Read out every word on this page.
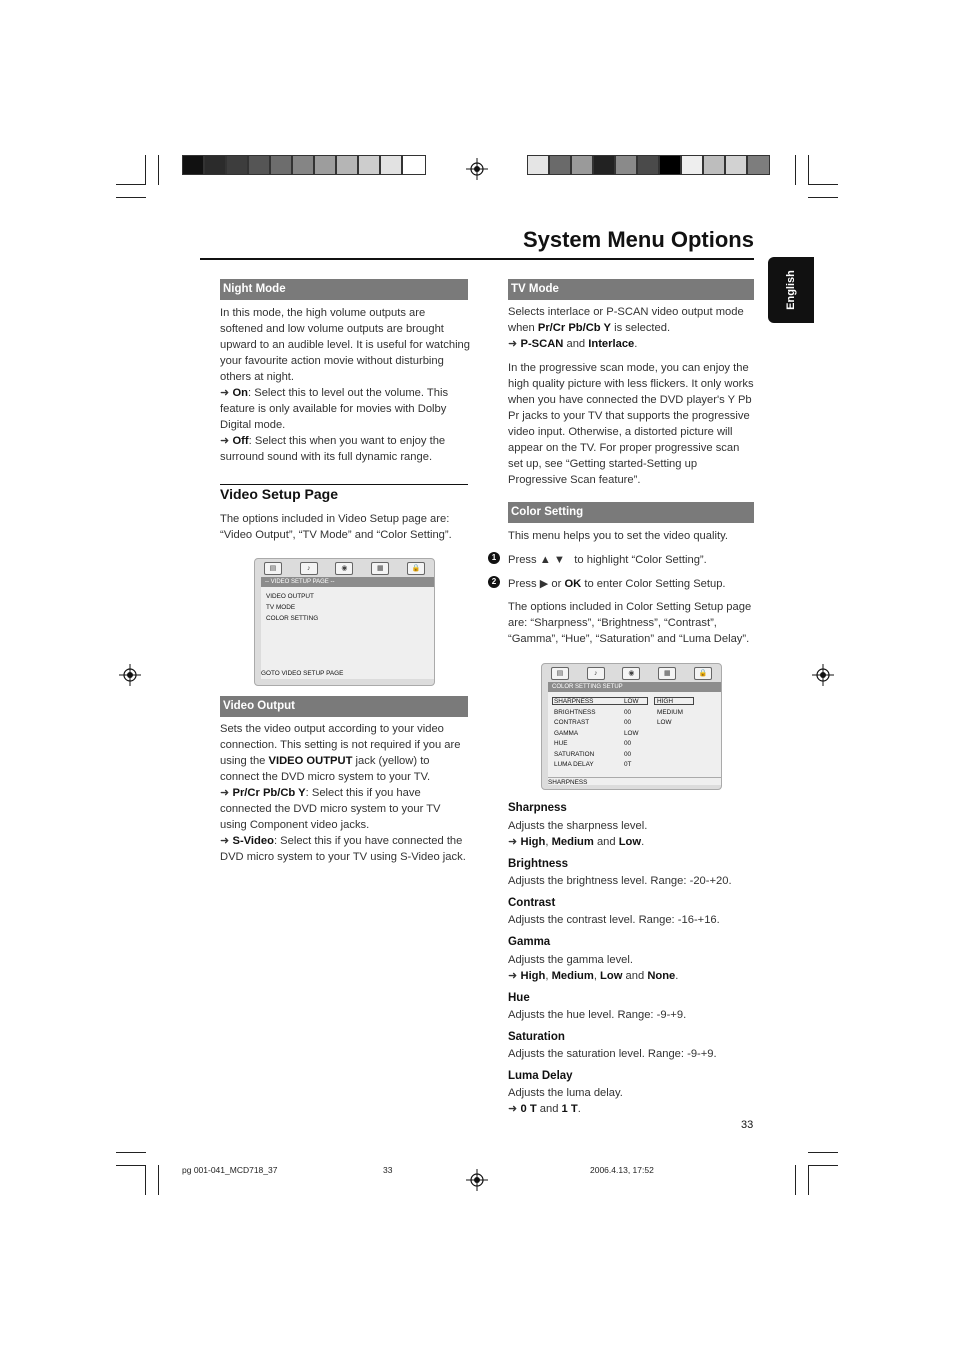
System Menu Options
English
Night Mode

In this mode, the high volume outputs are softened and low volume outputs are brought upward to an audible level. It is useful for watching your favourite action movie without disturbing others at night.

➜ On: Select this to level out the volume. This feature is only available for movies with Dolby Digital mode.

➜ Off: Select this when you want to enjoy the surround sound with its full dynamic range.

Video Setup Page
The options included in Video Setup page are: “Video Output”, “TV Mode” and “Color Setting”.
▤	♪	◉	▦	🔒
-- VIDEO SETUP PAGE --
VIDEO OUTPUT
TV MODE
COLOR SETTING
GOTO VIDEO SETUP PAGE
Video Output

Sets the video output according to your video connection. This setting is not required if you are using the VIDEO OUTPUT jack (yellow) to connect the DVD micro system to your TV.

➜ Pr/Cr Pb/Cb Y: Select this if you have connected the DVD micro system to your TV using Component video jacks.

➜ S-Video: Select this if you have connected the DVD micro system to your TV using S-Video jack.

TV Mode

Selects interlace or P-SCAN video output mode when Pr/Cr Pb/Cb Y is selected.

➜ P-SCAN and Interlace.

In the progressive scan mode, you can enjoy the high quality picture with less flickers. It only works when you have connected the DVD player's Y Pb Pr jacks to your TV that supports the progressive video input. Otherwise, a distorted picture will appear on the TV. For proper progressive scan set up, see “Getting started-Setting up Progressive Scan feature”.

Color Setting
This menu helps you to set the video quality.
1	Press ▲ ▼ to highlight “Color Setting”.
2	Press ▶ or OK to enter Color Setting Setup.
The options included in Color Setting Setup page are: “Sharpness”, “Brightness”, “Contrast”, “Gamma”, “Hue”, “Saturation” and “Luma Delay”.
▤	♪	◉	▦	🔒
COLOR SETTING SETUP
SHARPNESS	LOW
BRIGHTNESS	00
CONTRAST	00
GAMMA	LOW
HUE	00
SATURATION	00
LUMA DELAY	0T
HIGH
MEDIUM
LOW
SHARPNESS
Sharpness
Adjusts the sharpness level.
➜ High, Medium and Low.
Brightness
Adjusts the brightness level. Range: -20-+20.
Contrast
Adjusts the contrast level. Range: -16-+16.
Gamma
Adjusts the gamma level.
➜ High, Medium, Low and None.
Hue
Adjusts the hue level. Range: -9-+9.
Saturation
Adjusts the saturation level. Range: -9-+9.
Luma Delay
Adjusts the luma delay.
➜ 0 T and 1 T.
33
pg 001-041_MCD718_37	33	2006.4.13, 17:52
